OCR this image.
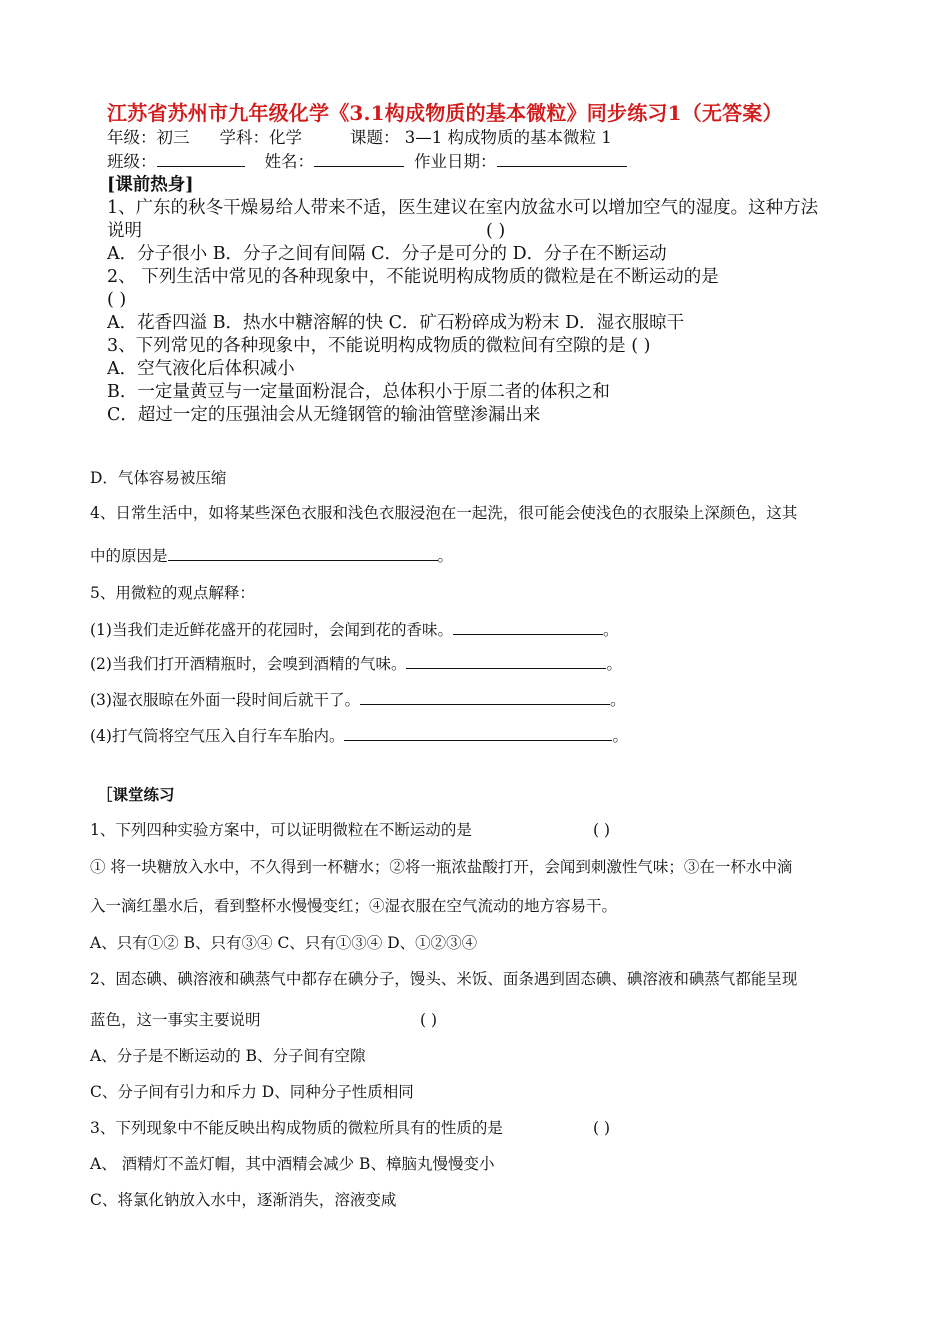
江苏省苏州市九年级化学《3.1构成物质的基本微粒》同步练习1（无答案）
年级：初三 学科：化学	课题： 3—1 构成物质的基本微粒 1
班级：	姓名：	作业日期：
[课前热身]
1、广东的秋冬干燥易给人带来不适，医生建议在室内放盆水可以增加空气的湿度。这种方法
说明	( )
A．分子很小 B．分子之间有间隔 C．分子是可分的 D．分子在不断运动
2、 下列生活中常见的各种现象中，不能说明构成物质的微粒是在不断运动的是
( )
A．花香四溢 B．热水中糖溶解的快 C．矿石粉碎成为粉末 D．湿衣服晾干
3、下列常见的各种现象中，不能说明构成物质的微粒间有空隙的是 ( )
A．空气液化后体积减小
B．一定量黄豆与一定量面粉混合，总体积小于原二者的体积之和
C．超过一定的压强油会从无缝钢管的输油管壁渗漏出来
D．气体容易被压缩
4、日常生活中，如将某些深色衣服和浅色衣服浸泡在一起洗，很可能会使浅色的衣服染上深颜色，这其
中的原因是	。
5、用微粒的观点解释：
(1)当我们走近鲜花盛开的花园时，会闻到花的香味。	。
(2)当我们打开酒精瓶时，会嗅到酒精的气味。	。
(3)湿衣服晾在外面一段时间后就干了。	。
(4)打气筒将空气压入自行车车胎内。	。
［课堂练习
1、下列四种实验方案中，可以证明微粒在不断运动的是	( )
① 将一块糖放入水中，不久得到一杯糖水；②将一瓶浓盐酸打开，会闻到刺激性气味；③在一杯水中滴
入一滴红墨水后，看到整杯水慢慢变红；④湿衣服在空气流动的地方容易干。
A、只有①② B、只有③④ C、只有①③④ D、①②③④
2、固态碘、碘溶液和碘蒸气中都存在碘分子，馒头、米饭、面条遇到固态碘、碘溶液和碘蒸气都能呈现
蓝色，这一事实主要说明	( )
A、分子是不断运动的 B、分子间有空隙
C、分子间有引力和斥力 D、同种分子性质相同
3、下列现象中不能反映出构成物质的微粒所具有的性质的是	( )
A、 酒精灯不盖灯帽，其中酒精会减少 B、樟脑丸慢慢变小
C、将氯化钠放入水中，逐渐消失，溶液变咸
